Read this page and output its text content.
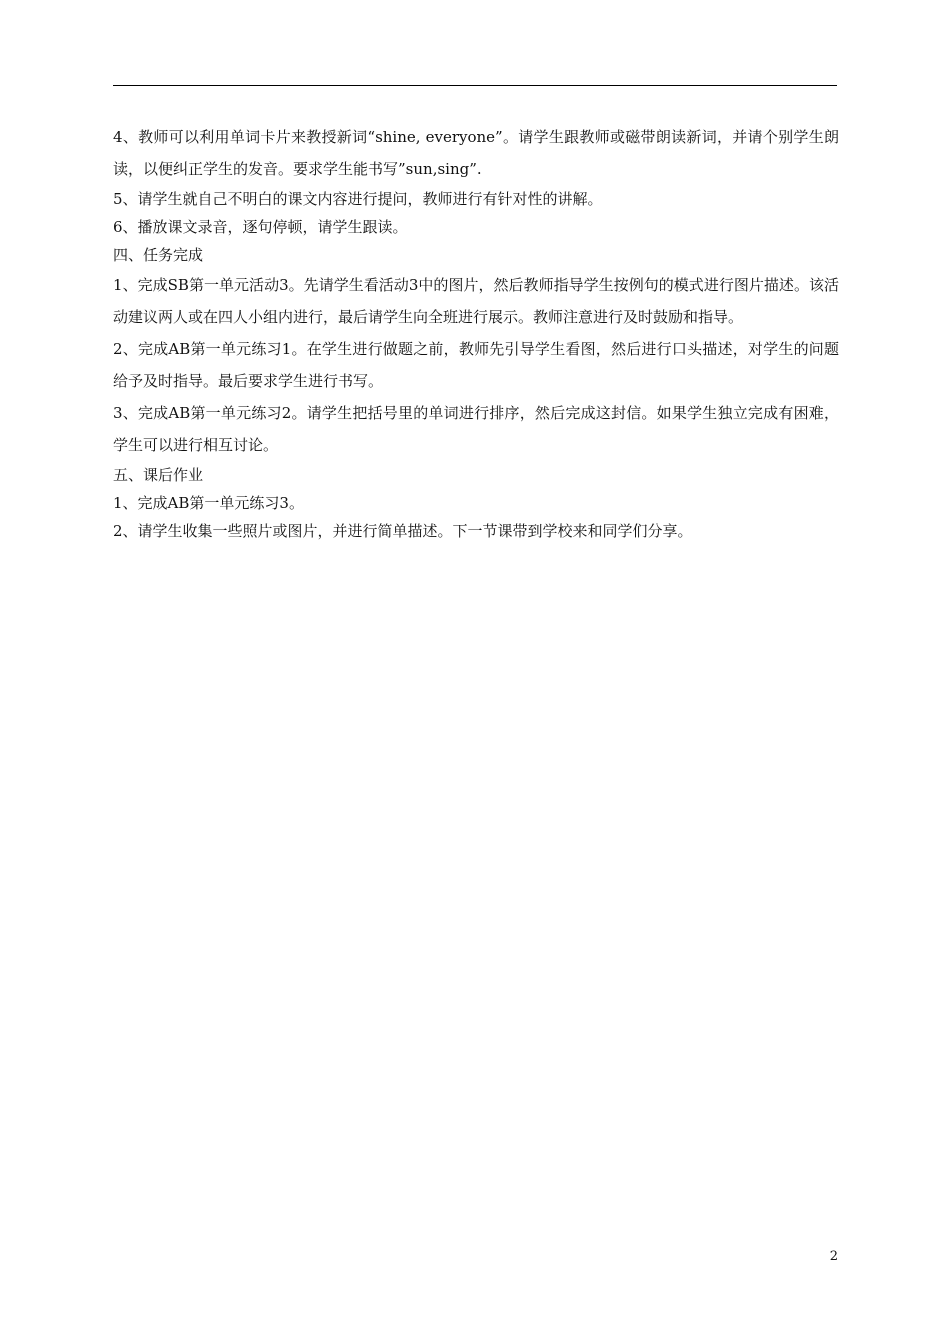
4、教师可以利用单词卡片来教授新词“shine, everyone”。请学生跟教师或磁带朗读新词，并请个别学生朗读，以便纠正学生的发音。要求学生能书写”sun,sing”.

5、请学生就自己不明白的课文内容进行提问，教师进行有针对性的讲解。

6、播放课文录音，逐句停顿，请学生跟读。

四、任务完成

1、完成SB第一单元活动3。先请学生看活动3中的图片，然后教师指导学生按例句的模式进行图片描述。该活动建议两人或在四人小组内进行，最后请学生向全班进行展示。教师注意进行及时鼓励和指导。

2、完成AB第一单元练习1。在学生进行做题之前，教师先引导学生看图，然后进行口头描述，对学生的问题给予及时指导。最后要求学生进行书写。

3、完成AB第一单元练习2。请学生把括号里的单词进行排序，然后完成这封信。如果学生独立完成有困难，学生可以进行相互讨论。

五、课后作业

1、完成AB第一单元练习3。

2、请学生收集一些照片或图片，并进行简单描述。下一节课带到学校来和同学们分享。

2
